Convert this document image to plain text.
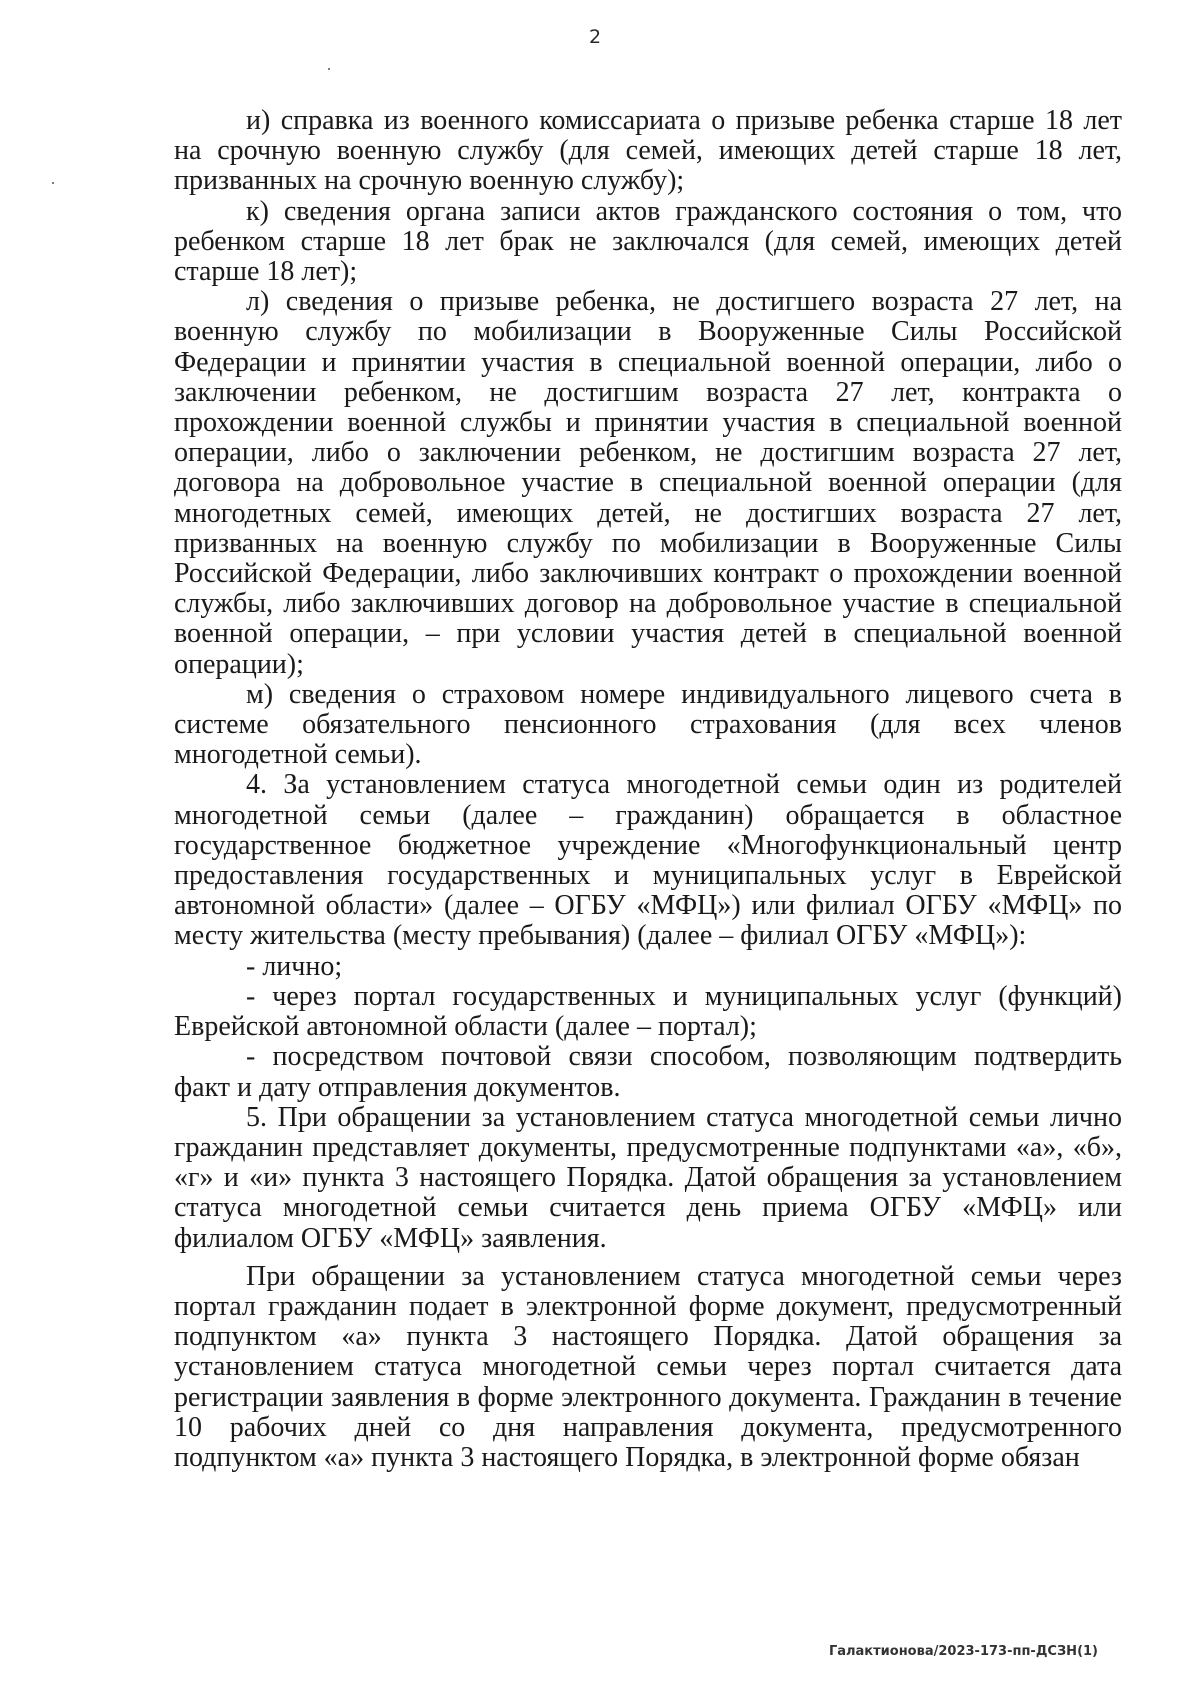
2

и) справка из военного комиссариата о призыве ребенка старше 18 лет на срочную военную службу (для семей, имеющих детей старше 18 лет, призванных на срочную военную службу);

к) сведения органа записи актов гражданского состояния о том, что ребенком старше 18 лет брак не заключался (для семей, имеющих детей старше 18 лет);

л) сведения о призыве ребенка, не достигшего возраста 27 лет, на военную службу по мобилизации в Вооруженные Силы Российской Федерации и принятии участия в специальной военной операции, либо о заключении ребенком, не достигшим возраста 27 лет, контракта о прохождении военной службы и принятии участия в специальной военной операции, либо о заключении ребенком, не достигшим возраста 27 лет, договора на добровольное участие в специальной военной операции (для многодетных семей, имеющих детей, не достигших возраста 27 лет, призванных на военную службу по мобилизации в Вооруженные Силы Российской Федерации, либо заключивших контракт о прохождении военной службы, либо заключивших договор на добровольное участие в специальной военной операции, – при условии участия детей в специальной военной операции);

м) сведения о страховом номере индивидуального лицевого счета в системе обязательного пенсионного страхования (для всех членов многодетной семьи).

4. За установлением статуса многодетной семьи один из родителей многодетной семьи (далее – гражданин) обращается в областное государственное бюджетное учреждение «Многофункциональный центр предоставления государственных и муниципальных услуг в Еврейской автономной области» (далее – ОГБУ «МФЦ») или филиал ОГБУ «МФЦ» по месту жительства (месту пребывания) (далее – филиал ОГБУ «МФЦ»):

- лично;

- через портал государственных и муниципальных услуг (функций) Еврейской автономной области (далее – портал);

- посредством почтовой связи способом, позволяющим подтвердить факт и дату отправления документов.

5. При обращении за установлением статуса многодетной семьи лично гражданин представляет документы, предусмотренные подпунктами «а», «б», «г» и «и» пункта 3 настоящего Порядка. Датой обращения за установлением статуса многодетной семьи считается день приема ОГБУ «МФЦ» или филиалом ОГБУ «МФЦ» заявления.

При обращении за установлением статуса многодетной семьи через портал гражданин подает в электронной форме документ, предусмотренный подпунктом «а» пункта 3 настоящего Порядка. Датой обращения за установлением статуса многодетной семьи через портал считается дата регистрации заявления в форме электронного документа. Гражданин в течение 10 рабочих дней со дня направления документа, предусмотренного подпунктом «а» пункта 3 настоящего Порядка, в электронной форме обязан

Галактионова/2023-173-пп-ДСЗН(1)
